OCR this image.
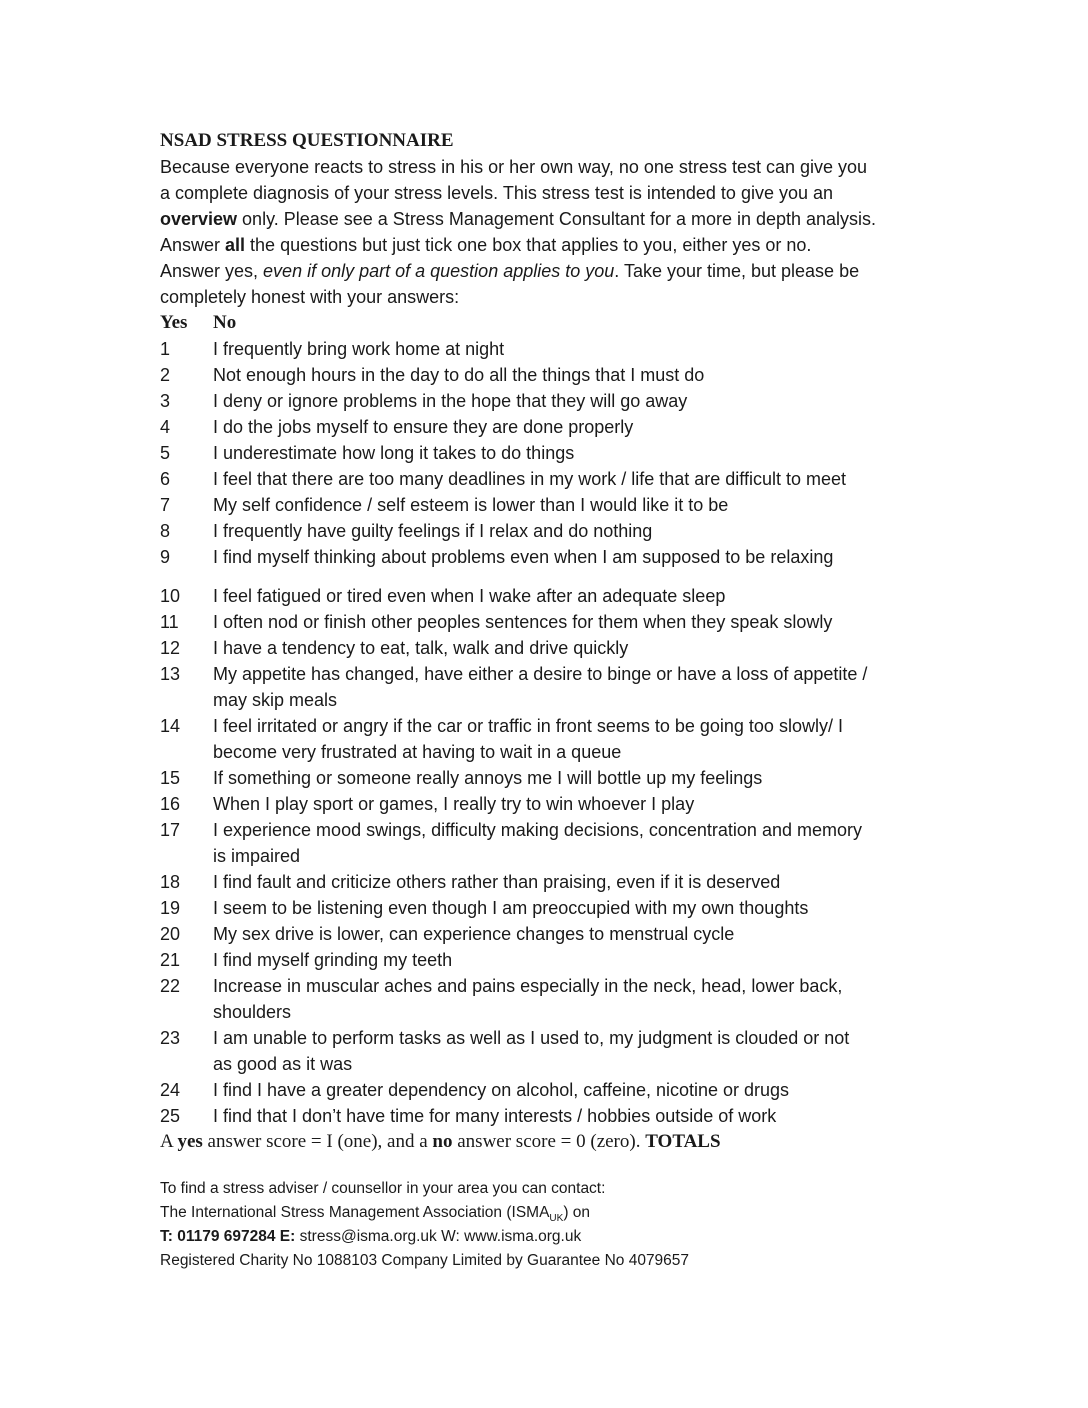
NSAD STRESS QUESTIONNAIRE
Because everyone reacts to stress in his or her own way, no one stress test can give you
a complete diagnosis of your stress levels. This stress test is intended to give you an
overview only. Please see a Stress Management Consultant for a more in depth analysis.
Answer all the questions but just tick one box that applies to you, either yes or no.
Answer yes, even if only part of a question applies to you. Take your time, but please be
completely honest with your answers:
Yes No
1 I frequently bring work home at night
2 Not enough hours in the day to do all the things that I must do
3 I deny or ignore problems in the hope that they will go away
4 I do the jobs myself to ensure they are done properly
5 I underestimate how long it takes to do things
6 I feel that there are too many deadlines in my work / life that are difficult to meet
7 My self confidence / self esteem is lower than I would like it to be
8 I frequently have guilty feelings if I relax and do nothing
9 I find myself thinking about problems even when I am supposed to be relaxing
10 I feel fatigued or tired even when I wake after an adequate sleep
11 I often nod or finish other peoples sentences for them when they speak slowly
12 I have a tendency to eat, talk, walk and drive quickly
13 My appetite has changed, have either a desire to binge or have a loss of appetite /
may skip meals
14 I feel irritated or angry if the car or traffic in front seems to be going too slowly/ I
become very frustrated at having to wait in a queue
15 If something or someone really annoys me I will bottle up my feelings
16 When I play sport or games, I really try to win whoever I play
17 I experience mood swings, difficulty making decisions, concentration and memory
is impaired
18 I find fault and criticize others rather than praising, even if it is deserved
19 I seem to be listening even though I am preoccupied with my own thoughts
20 My sex drive is lower, can experience changes to menstrual cycle
21 I find myself grinding my teeth
22 Increase in muscular aches and pains especially in the neck, head, lower back,
shoulders
23 I am unable to perform tasks as well as I used to, my judgment is clouded or not
as good as it was
24 I find I have a greater dependency on alcohol, caffeine, nicotine or drugs
25 I find that I don’t have time for many interests / hobbies outside of work
A yes answer score = I (one), and a no answer score = 0 (zero). TOTALS
To find a stress adviser / counsellor in your area you can contact:
The International Stress Management Association $(ISMA_{UK})$ on
T: 01179 697284 E: stress@isma.org.uk W: www.isma.org.uk
Registered Charity No 1088103 Company Limited by Guarantee No 4079657
